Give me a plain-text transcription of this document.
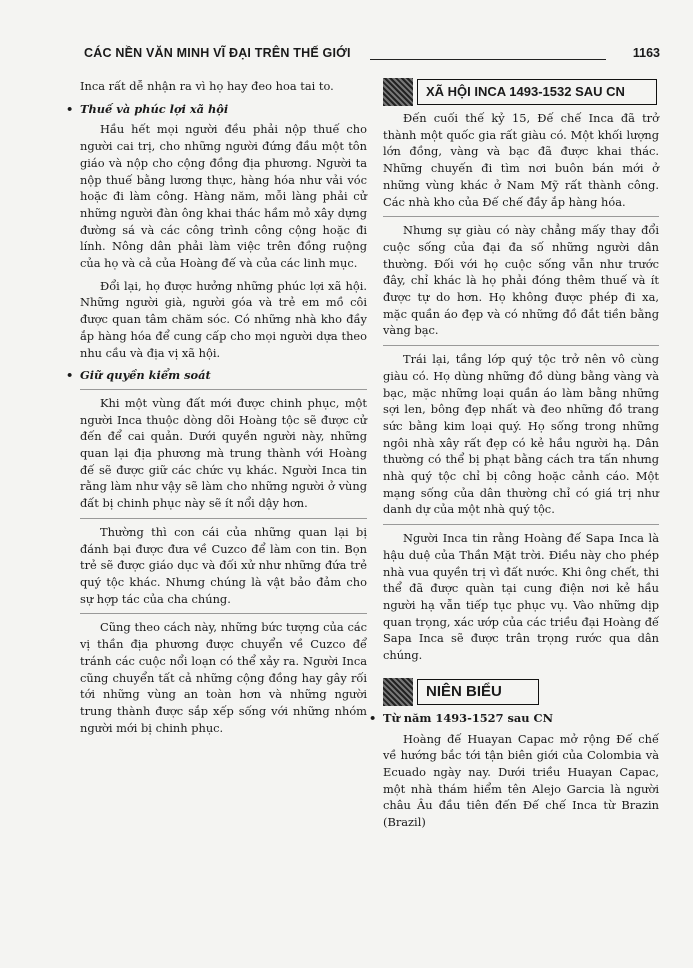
CÁC NỀN VĂN MINH VĨ ĐẠI TRÊN THẾ GIỚI	1163

Inca rất dễ nhận ra vì họ hay đeo hoa tai to.

• Thuế và phúc lợi xã hội

Hầu hết mọi người đều phải nộp thuế cho người cai trị, cho những người đứng đầu một tôn giáo và nộp cho cộng đồng địa phương. Người ta nộp thuế bằng lương thực, hàng hóa như vải vóc hoặc đi làm công. Hàng năm, mỗi làng phải cử những người đàn ông khai thác hầm mỏ xây dựng đường sá và các công trình công cộng hoặc đi lính. Nông dân phải làm việc trên đồng ruộng của họ và cả của Hoàng đế và của các linh mục.

Đổi lại, họ được hưởng những phúc lợi xã hội. Những người già, người góa và trẻ em mồ côi được quan tâm chăm sóc. Có những nhà kho đầy ắp hàng hóa để cung cấp cho mọi người dựa theo nhu cầu và địa vị xã hội.

• Giữ quyền kiểm soát

Khi một vùng đất mới được chinh phục, một người Inca thuộc dòng dõi Hoàng tộc sẽ được cử đến để cai quản. Dưới quyền người này, những quan lại địa phương mà trung thành với Hoàng đế sẽ được giữ các chức vụ khác. Người Inca tin rằng làm như vậy sẽ làm cho những người ở vùng đất bị chinh phục này sẽ ít nổi dậy hơn.

Thường thì con cái của những quan lại bị đánh bại được đưa về Cuzco để làm con tin. Bọn trẻ sẽ được giáo dục và đối xử như những đứa trẻ quý tộc khác. Nhưng chúng là vật bảo đảm cho sự hợp tác của cha chúng.

Cũng theo cách này, những bức tượng của các vị thần địa phương được chuyển về Cuzco để tránh các cuộc nổi loạn có thể xảy ra. Người Inca cũng chuyển tất cả những cộng đồng hay gây rối tới những vùng an toàn hơn và những người trung thành được sắp xếp sống với những nhóm người mới bị chinh phục.

XÃ HỘI INCA 1493-1532 SAU CN

Đến cuối thế kỷ 15, Đế chế Inca đã trở thành một quốc gia rất giàu có. Một khối lượng lớn đồng, vàng và bạc đã được khai thác. Những chuyến đi tìm nơi buôn bán mới ở những vùng khác ở Nam Mỹ rất thành công. Các nhà kho của Đế chế đầy ắp hàng hóa.

Nhưng sự giàu có này chẳng mấy thay đổi cuộc sống của đại đa số những người dân thường. Đối với họ cuộc sống vẫn như trước đây, chỉ khác là họ phải đóng thêm thuế và ít được tự do hơn. Họ không được phép đi xa, mặc quần áo đẹp và có những đồ đắt tiền bằng vàng bạc.

Trái lại, tầng lớp quý tộc trở nên vô cùng giàu có. Họ dùng những đồ dùng bằng vàng và bạc, mặc những loại quần áo làm bằng những sợi len, bông đẹp nhất và đeo những đồ trang sức bằng kim loại quý. Họ sống trong những ngôi nhà xây rất đẹp có kẻ hầu người hạ. Dân thường có thể bị phạt bằng cách tra tấn nhưng nhà quý tộc chỉ bị công hoặc cảnh cáo. Một mạng sống của dân thường chỉ có giá trị như danh dự của một nhà quý tộc.

Người Inca tin rằng Hoàng đế Sapa Inca là hậu duệ của Thần Mặt trời. Điều này cho phép nhà vua quyền trị vì đất nước. Khi ông chết, thi thể đã được quàn tại cung điện nơi kẻ hầu người hạ vẫn tiếp tục phục vụ. Vào những dịp quan trọng, xác ướp của các triều đại Hoàng đế Sapa Inca sẽ được trân trọng rước qua dân chúng.

NIÊN BIỂU
• Từ năm 1493-1527 sau CN

Hoàng đế Huayan Capac mở rộng Đế chế về hướng bắc tới tận biên giới của Colombia và Ecuado ngày nay. Dưới triều Huayan Capac, một nhà thám hiểm tên Alejo Garcia là người châu Âu đầu tiên đến Đế chế Inca từ Brazin (Brazil)
